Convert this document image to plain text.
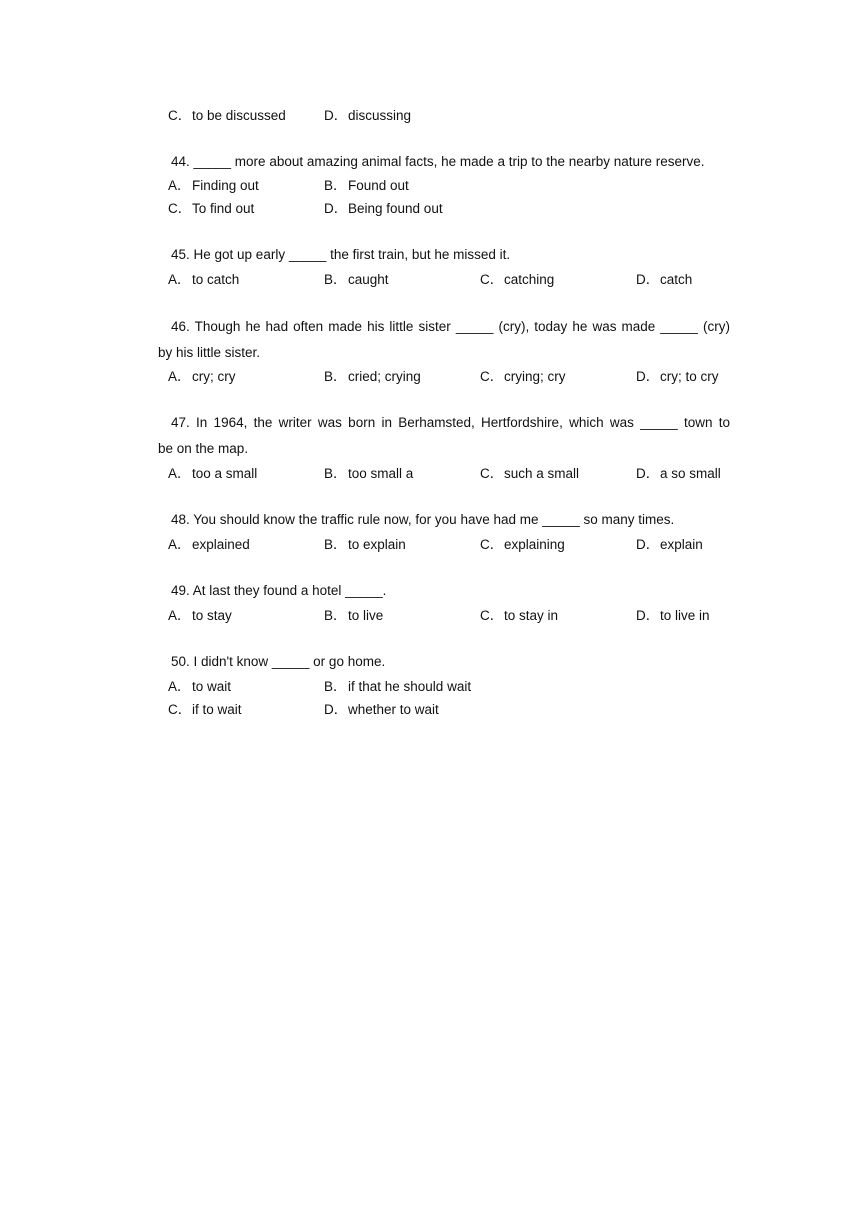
C．to be discussed	D．discussing
44. _____ more about amazing animal facts, he made a trip to the nearby nature reserve.
A．Finding out	B．Found out
C．To find out	D．Being found out
45. He got up early _____ the first train, but he missed it.
A．to catch	B．caught	C．catching	D．catch
46. Though he had often made his little sister _____ (cry), today he was made _____ (cry)
by his little sister.
A．cry; cry	B．cried; crying	C．crying; cry	D．cry; to cry
47. In 1964, the writer was born in Berhamsted, Hertfordshire, which was _____ town to
be on the map.
A．too a small	B．too small a	C．such a small	D．a so small
48. You should know the traffic rule now, for you have had me _____ so many times.
A．explained	B．to explain	C．explaining	D．explain
49. At last they found a hotel _____.
A．to stay	B．to live	C．to stay in	D．to live in
50. I didn't know _____ or go home.
A．to wait	B．if that he should wait
C．if to wait	D．whether to wait
